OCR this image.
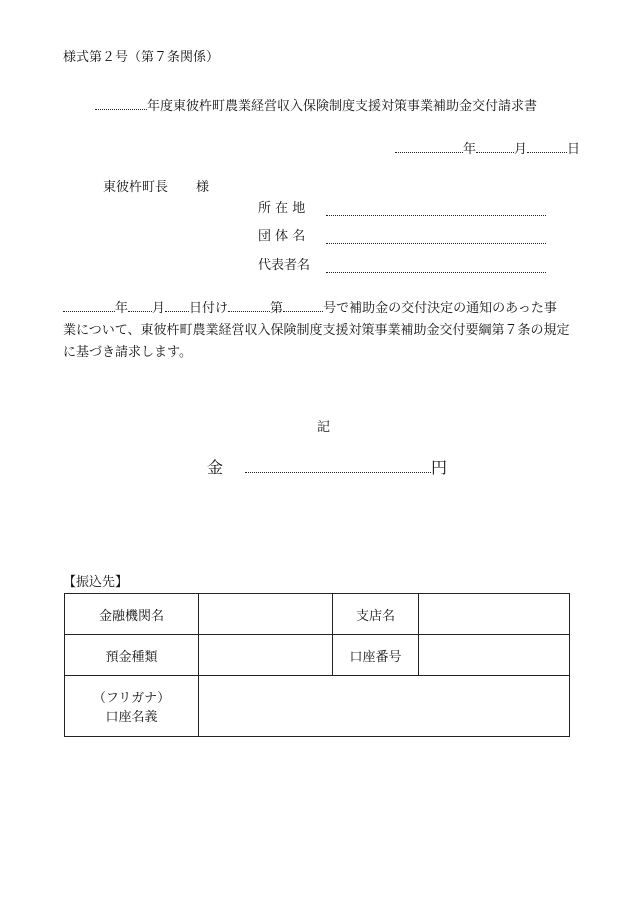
様式第２号（第７条関係）
年度東彼杵町農業経営収入保険制度支援対策事業補助金交付請求書
年	月	日
東彼杵町長 様
所 在 地
団 体 名
代表者名
年 月 日付け	第	号で補助金の交付決定の通知のあった事
業について、東彼杵町農業経営収入保険制度支援対策事業補助金交付要綱第７条の規定
に基づき請求します。
記
金	円
【振込先】
金融機関名		支店名	
預金種類		口座番号	

（フリガナ）
口座名義			
